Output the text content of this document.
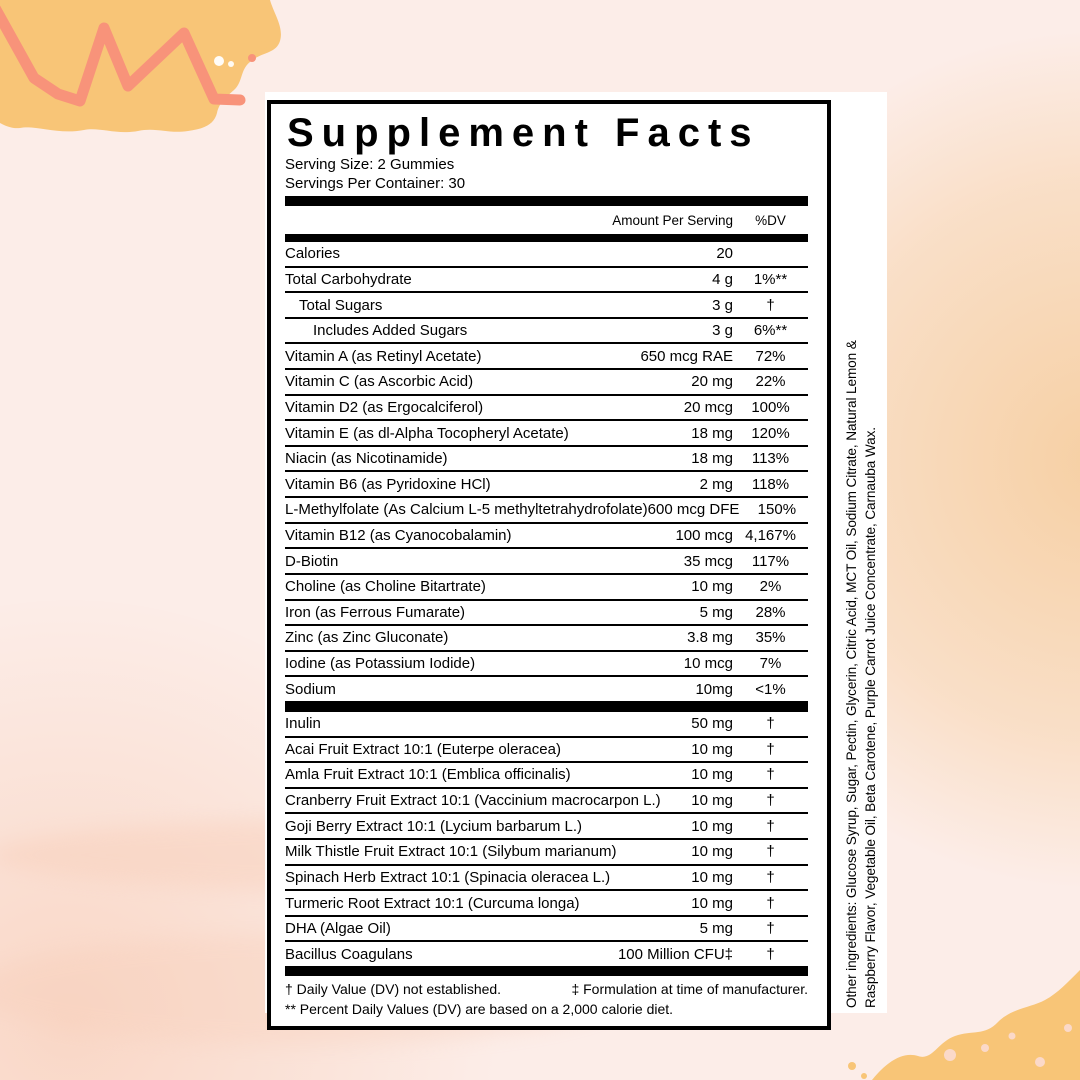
Supplement Facts
Serving Size: 2 Gummies
Servings Per Container: 30
Amount Per Serving	%DV
Calories	20
Total Carbohydrate	4 g	1%**
Total Sugars	3 g	†
Includes Added Sugars	3 g	6%**
Vitamin A (as Retinyl Acetate)	650 mcg RAE	72%
Vitamin C (as Ascorbic Acid)	20 mg	22%
Vitamin D2 (as Ergocalciferol)	20 mcg	100%
Vitamin E (as dl-Alpha Tocopheryl Acetate)	18 mg	120%
Niacin (as Nicotinamide)	18 mg	113%
Vitamin B6 (as Pyridoxine HCl)	2 mg	118%
L-Methylfolate (As Calcium L-5 methyltetrahydrofolate) 600 mcg DFE	150%
Vitamin B12 (as Cyanocobalamin)	100 mcg 4,167%
D-Biotin	35 mcg	117%
Choline (as Choline Bitartrate)	10 mg	2%
Iron (as Ferrous Fumarate)	5 mg	28%
Zinc (as Zinc Gluconate)	3.8 mg	35%
Iodine (as Potassium Iodide)	10 mcg	7%
Sodium	10mg	<1%
Inulin	50 mg	†
Acai Fruit Extract 10:1 (Euterpe oleracea)	10 mg	†
Amla Fruit Extract 10:1 (Emblica officinalis)	10 mg	†
Cranberry Fruit Extract 10:1 (Vaccinium macrocarpon L.)	10 mg	†
Goji Berry Extract 10:1 (Lycium barbarum L.)	10 mg	†
Milk Thistle Fruit Extract 10:1 (Silybum marianum)	10 mg	†
Spinach Herb Extract 10:1 (Spinacia oleracea L.)	10 mg	†
Turmeric Root Extract 10:1 (Curcuma longa)	10 mg	†
DHA (Algae Oil)	5 mg	†
Bacillus Coagulans	100 Million CFU‡	†
† Daily Value (DV) not established.	‡ Formulation at time of manufacturer.
** Percent Daily Values (DV) are based on a 2,000 calorie diet.
Other ingredients: Glucose Syrup, Sugar, Pectin, Glycerin, Citric Acid, MCT Oil, Sodium Citrate, Natural Lemon & Raspberry Flavor, Vegetable Oil, Beta Carotene, Purple Carrot Juice Concentrate, Carnauba Wax.
